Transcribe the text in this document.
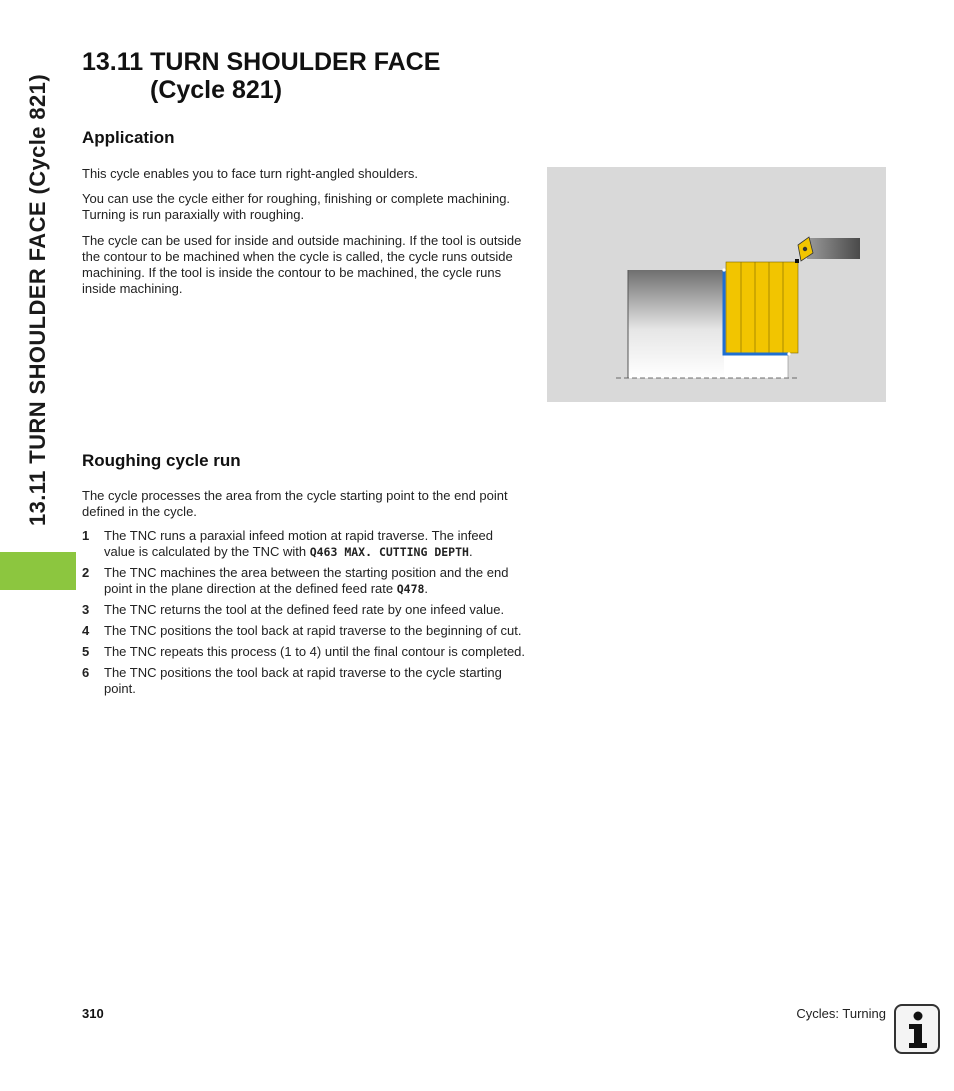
13.11 TURN SHOULDER FACE (Cycle 821)
13.11 TURN SHOULDER FACE
(Cycle 821)
Application

This cycle enables you to face turn right-angled shoulders.

You can use the cycle either for roughing, finishing or complete machining. Turning is run paraxially with roughing.

The cycle can be used for inside and outside machining. If the tool is outside the contour to be machined when the cycle is called, the cycle runs outside machining. If the tool is inside the contour to be machined, the cycle runs inside machining.

Roughing cycle run

The cycle processes the area from the cycle starting point to the end point defined in the cycle.

1	The TNC runs a paraxial infeed motion at rapid traverse. The infeed value is calculated by the TNC with Q463 MAX. CUTTING DEPTH.
2	The TNC machines the area between the starting position and the end point in the plane direction at the defined feed rate Q478.
3	The TNC returns the tool at the defined feed rate by one infeed value.
4	The TNC positions the tool back at rapid traverse to the beginning of cut.
5	The TNC repeats this process (1 to 4) until the final contour is completed.
6	The TNC positions the tool back at rapid traverse to the cycle starting point.
310	Cycles: Turning
